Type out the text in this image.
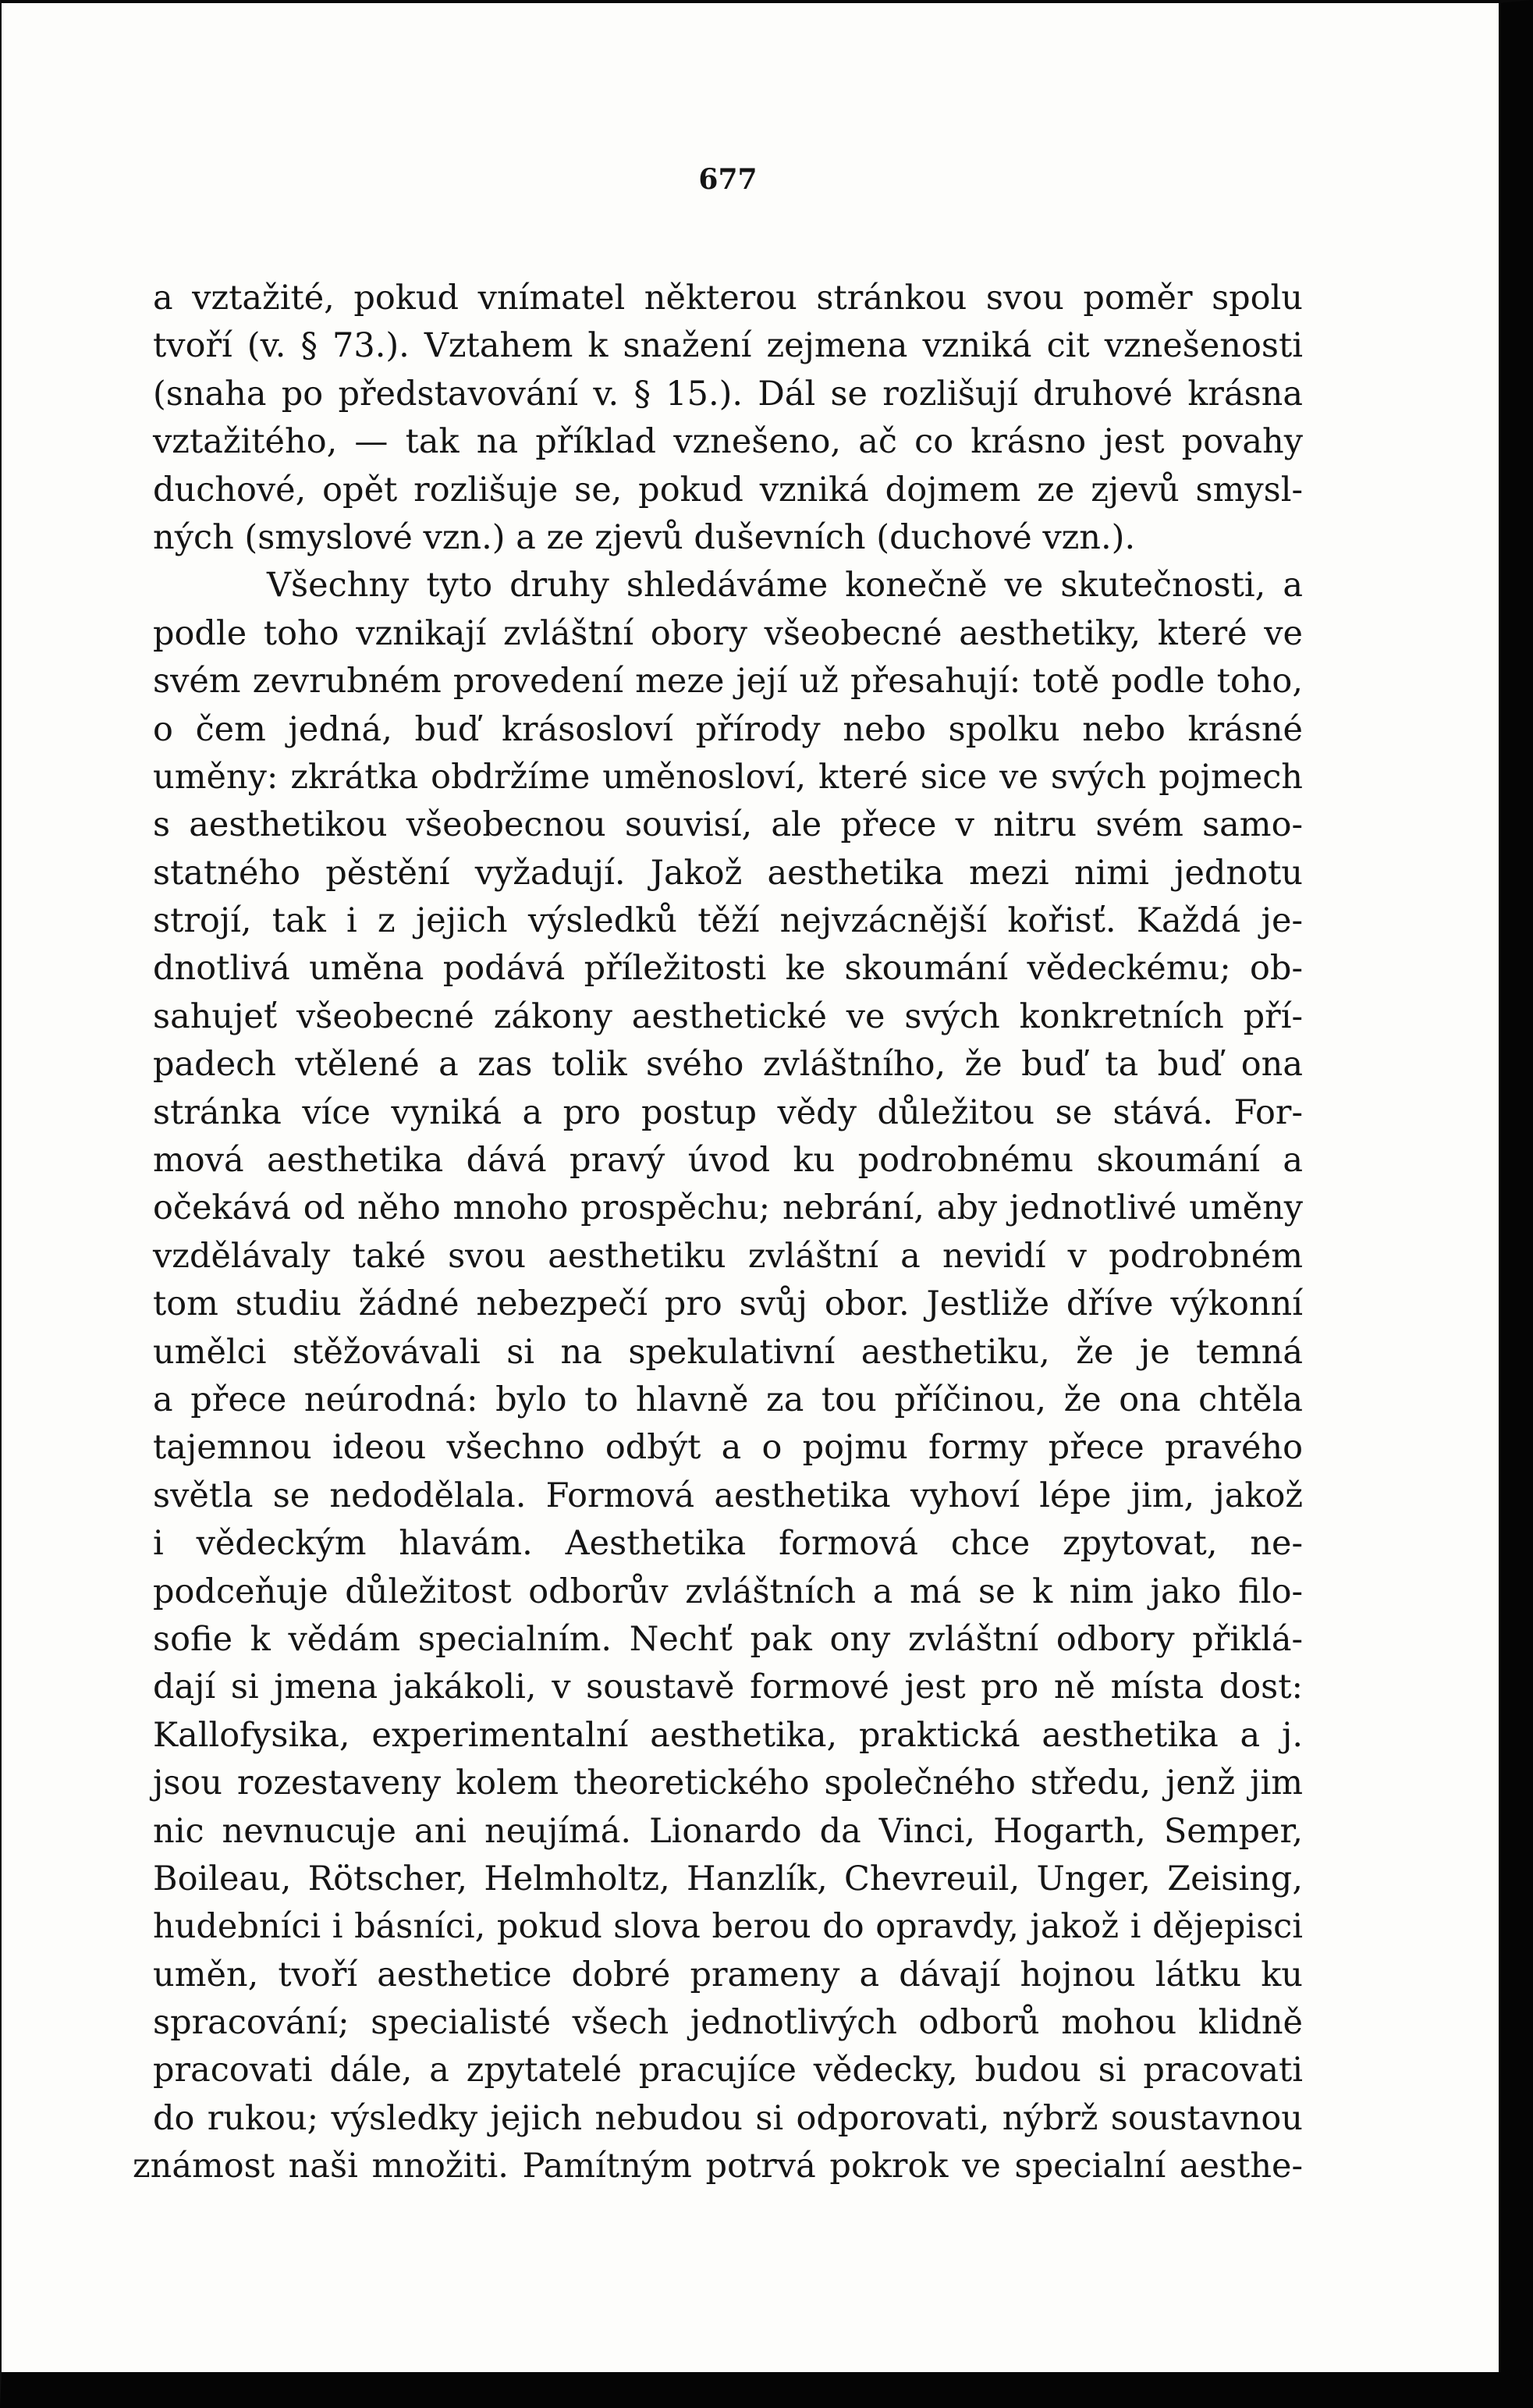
677
a vztažité, pokud vnímatel některou stránkou svou poměr spolu
tvoří (v. § 73.). Vztahem k snažení zejmena vzniká cit vznešenosti
(snaha po představování v. § 15.). Dál se rozlišují druhové krásna
vztažitého, — tak na příklad vznešeno, ač co krásno jest povahy
duchové, opět rozlišuje se, pokud vzniká dojmem ze zjevů smysl-
ných (smyslové vzn.) a ze zjevů duševních (duchové vzn.).
Všechny tyto druhy shledáváme konečně ve skutečnosti, a
podle toho vznikají zvláštní obory všeobecné aesthetiky, které ve
svém zevrubném provedení meze její už přesahují: totě podle toho,
o čem jedná, buď krásosloví přírody nebo spolku nebo krásné
uměny: zkrátka obdržíme uměnosloví, které sice ve svých pojmech
s aesthetikou všeobecnou souvisí, ale přece v nitru svém samo-
statného pěstění vyžadují. Jakož aesthetika mezi nimi jednotu
strojí, tak i z jejich výsledků těží nejvzácnější kořisť. Každá je-
dnotlivá uměna podává příležitosti ke skoumání vědeckému; ob-
sahujeť všeobecné zákony aesthetické ve svých konkretních pří-
padech vtělené a zas tolik svého zvláštního, že buď ta buď ona
stránka více vyniká a pro postup vědy důležitou se stává. For-
mová aesthetika dává pravý úvod ku podrobnému skoumání a
očekává od něho mnoho prospěchu; nebrání, aby jednotlivé uměny
vzdělávaly také svou aesthetiku zvláštní a nevidí v podrobném
tom studiu žádné nebezpečí pro svůj obor. Jestliže dříve výkonní
umělci stěžovávali si na spekulativní aesthetiku, že je temná
a přece neúrodná: bylo to hlavně za tou příčinou, že ona chtěla
tajemnou ideou všechno odbýt a o pojmu formy přece pravého
světla se nedodělala. Formová aesthetika vyhoví lépe jim, jakož
i vědeckým hlavám. Aesthetika formová chce zpytovat, ne-
podceňuje důležitost odborův zvláštních a má se k nim jako filo-
sofie k vědám specialním. Nechť pak ony zvláštní odbory přiklá-
dají si jmena jakákoli, v soustavě formové jest pro ně místa dost:
Kallofysika, experimentalní aesthetika, praktická aesthetika a j.
jsou rozestaveny kolem theoretického společného středu, jenž jim
nic nevnucuje ani neujímá. Lionardo da Vinci, Hogarth, Semper,
Boileau, Rötscher, Helmholtz, Hanzlík, Chevreuil, Unger, Zeising,
hudebníci i básníci, pokud slova berou do opravdy, jakož i dějepisci
uměn, tvoří aesthetice dobré prameny a dávají hojnou látku ku
spracování; specialisté všech jednotlivých odborů mohou klidně
pracovati dále, a zpytatelé pracujíce vědecky, budou si pracovati
do rukou; výsledky jejich nebudou si odporovati, nýbrž soustavnou
známost naši množiti. Pamítným potrvá pokrok ve specialní aesthe-
